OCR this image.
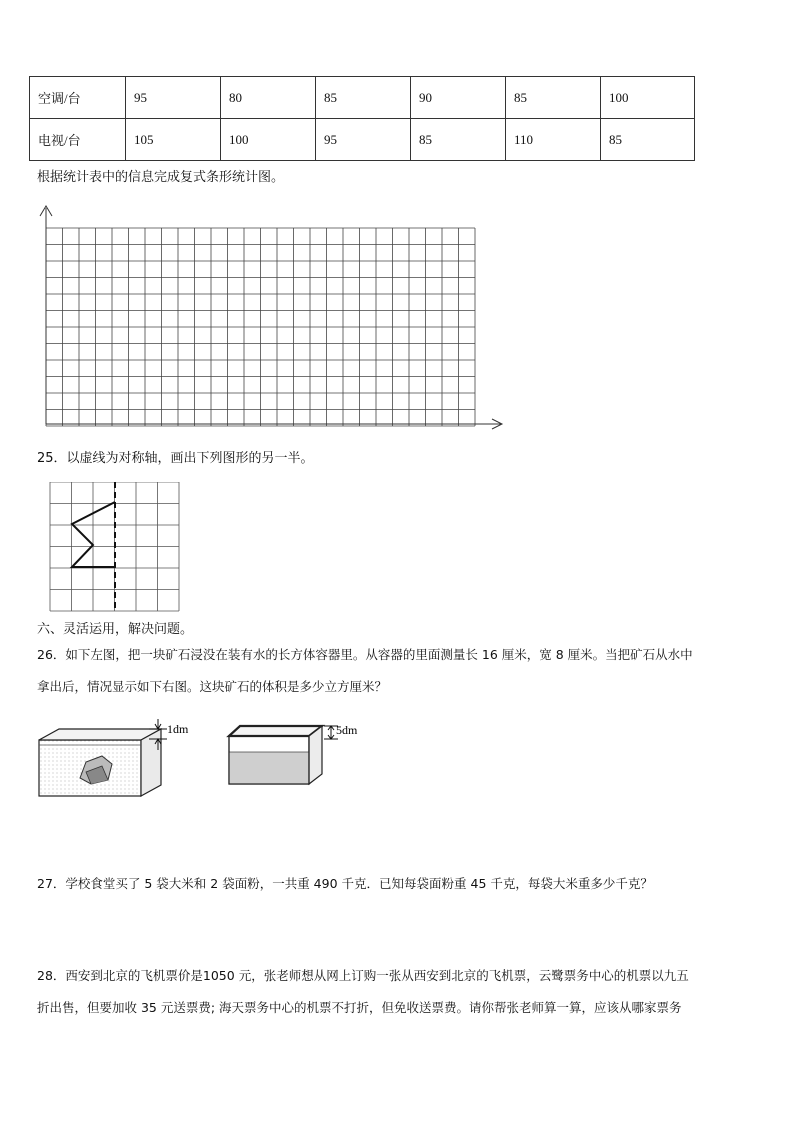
空调/台	95	80	85	90	85	100
电视/台	105	100	95	85	110	85
根据统计表中的信息完成复式条形统计图。
25．以虚线为对称轴，画出下列图形的另一半。
六、灵活运用，解决问题。
26．如下左图，把一块矿石浸没在装有水的长方体容器里。从容器的里面测量长 16 厘米，宽 8 厘米。当把矿石从水中
拿出后，情况显示如下右图。这块矿石的体积是多少立方厘米？
1dm	5dm
27．学校食堂买了 5 袋大米和 2 袋面粉，一共重 490 千克．已知每袋面粉重 45 千克，每袋大米重多少千克？
28．西安到北京的飞机票价是1050 元，张老师想从网上订购一张从西安到北京的飞机票，云鹭票务中心的机票以九五
折出售，但要加收 35 元送票费; 海天票务中心的机票不打折，但免收送票费。请你帮张老师算一算，应该从哪家票务
